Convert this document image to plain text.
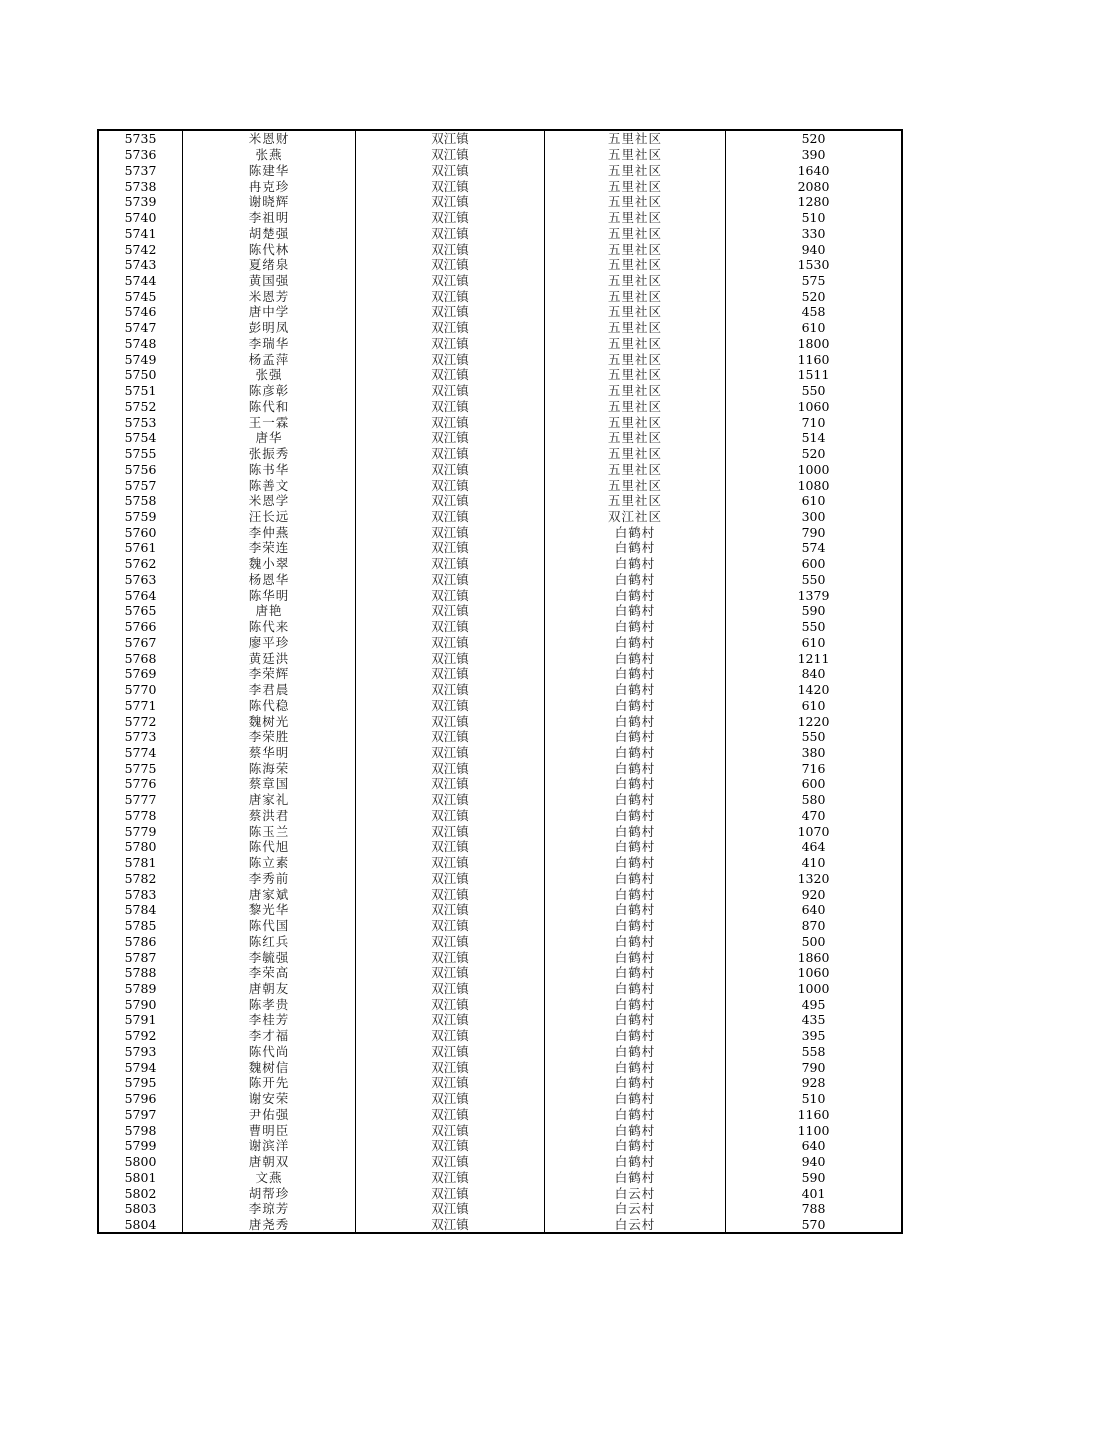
5735	米恩财	双江镇	五里社区	520
5736	张燕	双江镇	五里社区	390
5737	陈建华	双江镇	五里社区	1640
5738	冉克珍	双江镇	五里社区	2080
5739	谢晓辉	双江镇	五里社区	1280
5740	李祖明	双江镇	五里社区	510
5741	胡楚强	双江镇	五里社区	330
5742	陈代林	双江镇	五里社区	940
5743	夏绪泉	双江镇	五里社区	1530
5744	黄国强	双江镇	五里社区	575
5745	米恩芳	双江镇	五里社区	520
5746	唐中学	双江镇	五里社区	458
5747	彭明凤	双江镇	五里社区	610
5748	李瑞华	双江镇	五里社区	1800
5749	杨孟萍	双江镇	五里社区	1160
5750	张强	双江镇	五里社区	1511
5751	陈彦彰	双江镇	五里社区	550
5752	陈代和	双江镇	五里社区	1060
5753	王一霖	双江镇	五里社区	710
5754	唐华	双江镇	五里社区	514
5755	张振秀	双江镇	五里社区	520
5756	陈书华	双江镇	五里社区	1000
5757	陈善文	双江镇	五里社区	1080
5758	米恩学	双江镇	五里社区	610
5759	汪长远	双江镇	双江社区	300
5760	李仲燕	双江镇	白鹤村	790
5761	李荣连	双江镇	白鹤村	574
5762	魏小翠	双江镇	白鹤村	600
5763	杨恩华	双江镇	白鹤村	550
5764	陈华明	双江镇	白鹤村	1379
5765	唐艳	双江镇	白鹤村	590
5766	陈代来	双江镇	白鹤村	550
5767	廖平珍	双江镇	白鹤村	610
5768	黄廷洪	双江镇	白鹤村	1211
5769	李荣辉	双江镇	白鹤村	840
5770	李君晨	双江镇	白鹤村	1420
5771	陈代稳	双江镇	白鹤村	610
5772	魏树光	双江镇	白鹤村	1220
5773	李荣胜	双江镇	白鹤村	550
5774	蔡华明	双江镇	白鹤村	380
5775	陈海荣	双江镇	白鹤村	716
5776	蔡章国	双江镇	白鹤村	600
5777	唐家礼	双江镇	白鹤村	580
5778	蔡洪君	双江镇	白鹤村	470
5779	陈玉兰	双江镇	白鹤村	1070
5780	陈代旭	双江镇	白鹤村	464
5781	陈立素	双江镇	白鹤村	410
5782	李秀前	双江镇	白鹤村	1320
5783	唐家斌	双江镇	白鹤村	920
5784	黎光华	双江镇	白鹤村	640
5785	陈代国	双江镇	白鹤村	870
5786	陈红兵	双江镇	白鹤村	500
5787	李毓强	双江镇	白鹤村	1860
5788	李荣高	双江镇	白鹤村	1060
5789	唐朝友	双江镇	白鹤村	1000
5790	陈孝贵	双江镇	白鹤村	495
5791	李桂芳	双江镇	白鹤村	435
5792	李才福	双江镇	白鹤村	395
5793	陈代尚	双江镇	白鹤村	558
5794	魏树信	双江镇	白鹤村	790
5795	陈开先	双江镇	白鹤村	928
5796	谢安荣	双江镇	白鹤村	510
5797	尹佑强	双江镇	白鹤村	1160
5798	曹明臣	双江镇	白鹤村	1100
5799	谢滨洋	双江镇	白鹤村	640
5800	唐朝双	双江镇	白鹤村	940
5801	文燕	双江镇	白鹤村	590
5802	胡帮珍	双江镇	白云村	401
5803	李琼芳	双江镇	白云村	788
5804	唐尧秀	双江镇	白云村	570
